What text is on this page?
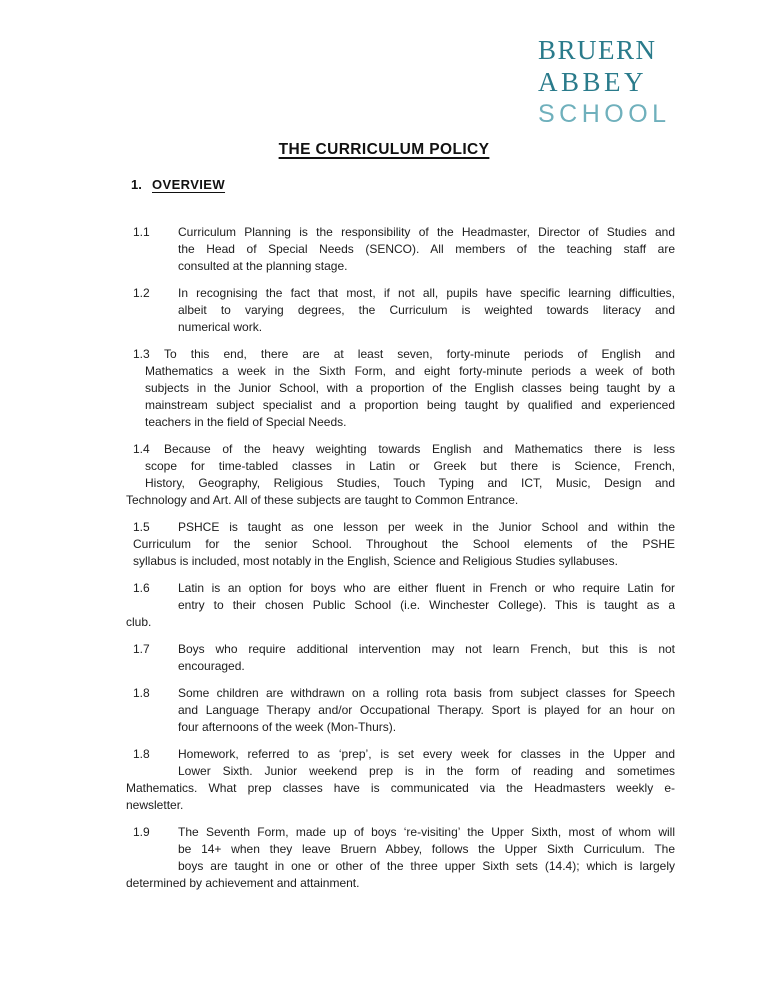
BRUERN
ABBEY
SCHOOL
THE CURRICULUM POLICY
1. OVERVIEW
1.1 Curriculum Planning is the responsibility of the Headmaster, Director of Studies and
the Head of Special Needs (SENCO). All members of the teaching staff are
consulted at the planning stage.
1.2 In recognising the fact that most, if not all, pupils have specific learning difficulties,
albeit to varying degrees, the Curriculum is weighted towards literacy and
numerical work.
1.3 To this end, there are at least seven, forty-minute periods of English and
Mathematics a week in the Sixth Form, and eight forty-minute periods a week of both
subjects in the Junior School, with a proportion of the English classes being taught by a
mainstream subject specialist and a proportion being taught by qualified and experienced
teachers in the field of Special Needs.
1.4 Because of the heavy weighting towards English and Mathematics there is less
scope for time-tabled classes in Latin or Greek but there is Science, French,
History, Geography, Religious Studies, Touch Typing and ICT, Music, Design and
Technology and Art. All of these subjects are taught to Common Entrance.
1.5 PSHCE is taught as one lesson per week in the Junior School and within the
Curriculum for the senior School. Throughout the School elements of the PSHE
syllabus is included, most notably in the English, Science and Religious Studies syllabuses.
1.6 Latin is an option for boys who are either fluent in French or who require Latin for
entry to their chosen Public School (i.e. Winchester College). This is taught as a
club.
1.7 Boys who require additional intervention may not learn French, but this is not
encouraged.
1.8 Some children are withdrawn on a rolling rota basis from subject classes for Speech
and Language Therapy and/or Occupational Therapy. Sport is played for an hour on
four afternoons of the week (Mon-Thurs).
1.8 Homework, referred to as ‘prep’, is set every week for classes in the Upper and
Lower Sixth. Junior weekend prep is in the form of reading and sometimes
Mathematics. What prep classes have is communicated via the Headmasters weekly e-
newsletter.
1.9 The Seventh Form, made up of boys ‘re-visiting’ the Upper Sixth, most of whom will
be 14+ when they leave Bruern Abbey, follows the Upper Sixth Curriculum. The
boys are taught in one or other of the three upper Sixth sets (14.4); which is largely
determined by achievement and attainment.
